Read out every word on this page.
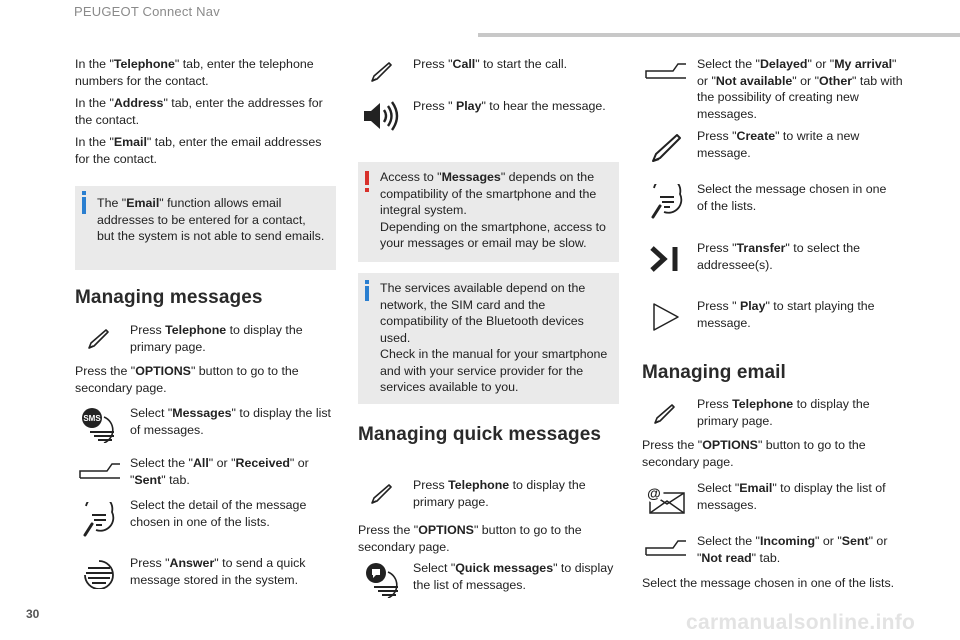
PEUGEOT Connect Nav
In the "Telephone" tab, enter the telephone numbers for the contact.
In the "Address" tab, enter the addresses for the contact.
In the "Email" tab, enter the email addresses for the contact.
The "Email" function allows email addresses to be entered for a contact, but the system is not able to send emails.
Managing messages
Press Telephone to display the primary page.
Press the "OPTIONS" button to go to the secondary page.
SMS Select "Messages" to display the list of messages.
Select the "All" or "Received" or "Sent" tab.
Select the detail of the message chosen in one of the lists.
Press "Answer" to send a quick message stored in the system.
Press "Call" to start the call.
Press " Play" to hear the message.
Access to "Messages" depends on the compatibility of the smartphone and the integral system.
Depending on the smartphone, access to your messages or email may be slow.
The services available depend on the network, the SIM card and the compatibility of the Bluetooth devices used.
Check in the manual for your smartphone and with your service provider for the services available to you.
Managing quick messages
Press Telephone to display the primary page.
Press the "OPTIONS" button to go to the secondary page.
Select "Quick messages" to display the list of messages.
Select the "Delayed" or "My arrival" or "Not available" or "Other" tab with the possibility of creating new messages.
Press "Create" to write a new message.
Select the message chosen in one of the lists.
Press "Transfer" to select the addressee(s).
Press " Play" to start playing the message.
Managing email
Press Telephone to display the primary page.
Press the "OPTIONS" button to go to the secondary page.
@	Select "Email" to display the list of messages.
Select the "Incoming" or "Sent" or "Not read" tab.
Select the message chosen in one of the lists.
30	carmanualsonline.info
